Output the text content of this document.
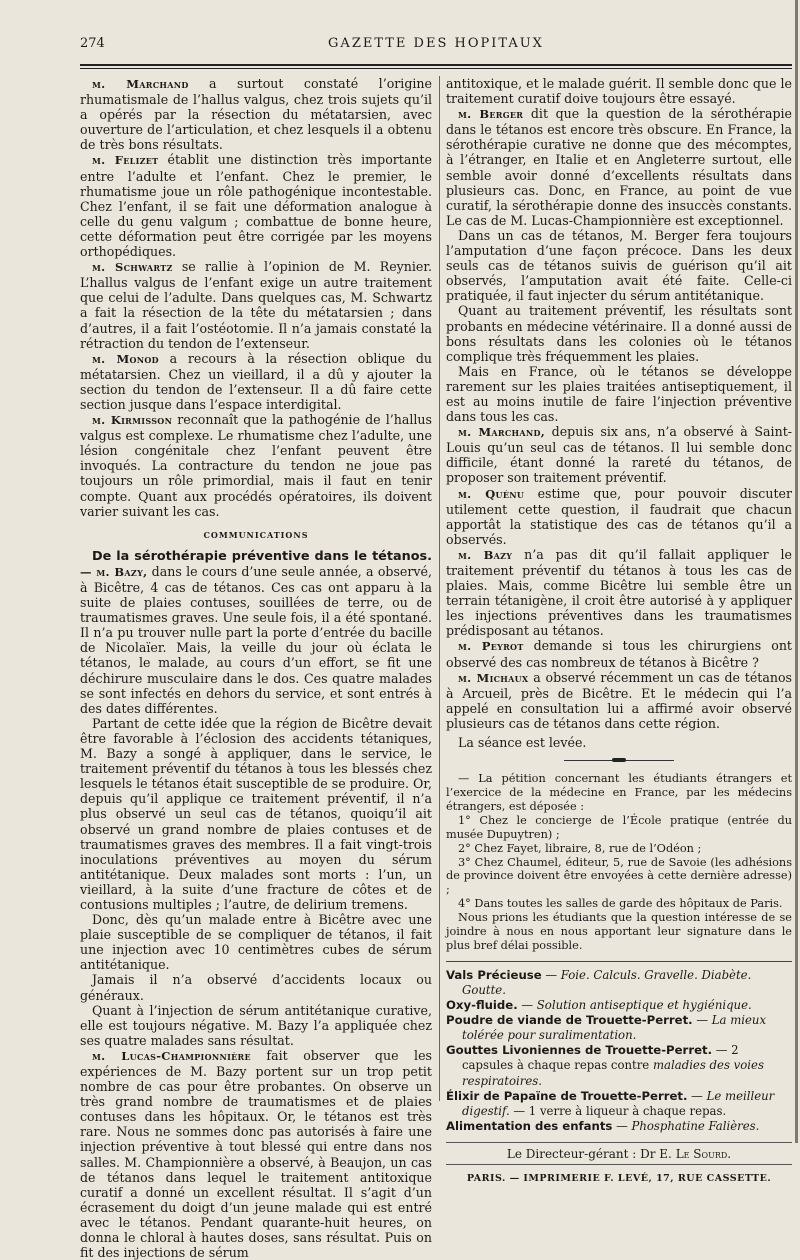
274	GAZETTE DES HOPITAUX

m. Marchand a surtout constaté l’origine rhumatismale de l’hallus valgus, chez trois sujets qu’il a opérés par la résection du métatarsien, avec ouverture de l’articulation, et chez lesquels il a obtenu de très bons résultats.

m. Felizet établit une distinction très importante entre l’adulte et l’enfant. Chez le premier, le rhumatisme joue un rôle pathogénique incontestable. Chez l’enfant, il se fait une déformation analogue à celle du genu valgum ; combattue de bonne heure, cette déformation peut être corrigée par les moyens orthopédiques.

m. Schwartz se rallie à l’opinion de M. Reynier. L’hallus valgus de l’enfant exige un autre traitement que celui de l’adulte. Dans quelques cas, M. Schwartz a fait la résection de la tête du métatarsien ; dans d’autres, il a fait l’ostéotomie. Il n’a jamais constaté la rétraction du tendon de l’extenseur.

m. Monod a recours à la résection oblique du métatarsien. Chez un vieillard, il a dû y ajouter la section du tendon de l’extenseur. Il a dû faire cette section jusque dans l’espace interdigital.

m. Kirmisson reconnaît que la pathogénie de l’hallus valgus est complexe. Le rhumatisme chez l’adulte, une lésion congénitale chez l’enfant peuvent être invoqués. La contracture du tendon ne joue pas toujours un rôle primordial, mais il faut en tenir compte. Quant aux procédés opératoires, ils doivent varier suivant les cas.

communications

De la sérothérapie préventive dans le tétanos.— m. Bazy, dans le cours d’une seule année, a observé, à Bicêtre, 4 cas de tétanos. Ces cas ont apparu à la suite de plaies contuses, souillées de terre, ou de traumatismes graves. Une seule fois, il a été spontané. Il n’a pu trouver nulle part la porte d’entrée du bacille de Nicolaïer. Mais, la veille du jour où éclata le tétanos, le malade, au cours d’un effort, se fit une déchirure musculaire dans le dos. Ces quatre malades se sont infectés en dehors du service, et sont entrés à des dates différentes.

Partant de cette idée que la région de Bicêtre devait être favorable à l’éclosion des accidents tétaniques, M. Bazy a songé à appliquer, dans le service, le traitement préventif du tétanos à tous les blessés chez lesquels le tétanos était susceptible de se produire. Or, depuis qu’il applique ce traitement préventif, il n’a plus observé un seul cas de tétanos, quoiqu’il ait observé un grand nombre de plaies contuses et de traumatismes graves des membres. Il a fait vingt-trois inoculations préventives au moyen du sérum antitétanique. Deux malades sont morts : l’un, un vieillard, à la suite d’une fracture de côtes et de contusions multiples ; l’autre, de delirium tremens.

Donc, dès qu’un malade entre à Bicêtre avec une plaie susceptible de se compliquer de tétanos, il fait une injection avec 10 centimètres cubes de sérum antitétanique.

Jamais il n’a observé d’accidents locaux ou généraux.

Quant à l’injection de sérum antitétanique curative, elle est toujours négative. M. Bazy l’a appliquée chez ses quatre malades sans résultat.

m. Lucas-Championnière fait observer que les expériences de M. Bazy portent sur un trop petit nombre de cas pour être probantes. On observe un très grand nombre de traumatismes et de plaies contuses dans les hôpitaux. Or, le tétanos est très rare. Nous ne sommes donc pas autorisés à faire une injection préventive à tout blessé qui entre dans nos salles. M. Championnière a observé, à Beaujon, un cas de tétanos dans lequel le traitement antitoxique curatif a donné un excellent résultat. Il s’agit d’un écrasement du doigt d’un jeune malade qui est entré avec le tétanos. Pendant quarante-huit heures, on donna le chloral à hautes doses, sans résultat. Puis on fit des injections de sérum

antitoxique, et le malade guérit. Il semble donc que le traitement curatif doive toujours être essayé.

m. Berger dit que la question de la sérothérapie dans le tétanos est encore très obscure. En France, la sérothérapie curative ne donne que des mécomptes, à l’étranger, en Italie et en Angleterre surtout, elle semble avoir donné d’excellents résultats dans plusieurs cas. Donc, en France, au point de vue curatif, la sérothérapie donne des insuccès constants. Le cas de M. Lucas-Championnière est exceptionnel.

Dans un cas de tétanos, M. Berger fera toujours l’amputation d’une façon précoce. Dans les deux seuls cas de tétanos suivis de guérison qu’il ait observés, l’amputation avait été faite. Celle-ci pratiquée, il faut injecter du sérum antitétanique.

Quant au traitement préventif, les résultats sont probants en médecine vétérinaire. Il a donné aussi de bons résultats dans les colonies où le tétanos complique très fréquemment les plaies.

Mais en France, où le tétanos se développe rarement sur les plaies traitées antiseptiquement, il est au moins inutile de faire l’injection préventive dans tous les cas.

m. Marchand, depuis six ans, n’a observé à Saint-Louis qu’un seul cas de tétanos. Il lui semble donc difficile, étant donné la rareté du tétanos, de proposer son traitement préventif.

m. Quénu estime que, pour pouvoir discuter utilement cette question, il faudrait que chacun apportât la statistique des cas de tétanos qu’il a observés.

m. Bazy n’a pas dit qu’il fallait appliquer le traitement préventif du tétanos à tous les cas de plaies. Mais, comme Bicêtre lui semble être un terrain tétanigène, il croit être autorisé à y appliquer les injections préventives dans les traumatismes prédisposant au tétanos.

m. Peyrot demande si tous les chirurgiens ont observé des cas nombreux de tétanos à Bicêtre ?

m. Michaux a observé récemment un cas de tétanos à Arcueil, près de Bicêtre. Et le médecin qui l’a appelé en consultation lui a affirmé avoir observé plusieurs cas de tétanos dans cette région.

La séance est levée.

— La pétition concernant les étudiants étrangers et l’exercice de la médecine en France, par les médecins étrangers, est déposée :

1° Chez le concierge de l’École pratique (entrée du musée Dupuytren) ;

2° Chez Fayet, libraire, 8, rue de l’Odéon ;

3° Chez Chaumel, éditeur, 5, rue de Savoie (les adhésions de province doivent être envoyées à cette dernière adresse) ;

4° Dans toutes les salles de garde des hôpitaux de Paris.

Nous prions les étudiants que la question intéresse de se joindre à nous en nous apportant leur signature dans le plus bref délai possible.

Vals Précieuse — Foie. Calculs. Gravelle. Diabète. Goutte.

Oxy-fluide. — Solution antiseptique et hygiénique.

Poudre de viande de Trouette-Perret. — La mieux tolérée pour suralimentation.

Gouttes Livoniennes de Trouette-Perret. — 2 capsules à chaque repas contre maladies des voies respiratoires.

Élixir de Papaïne de Trouette-Perret. — Le meilleur digestif. — 1 verre à liqueur à chaque repas.

Alimentation des enfants — Phosphatine Falières.

Le Directeur-gérant : Dr E. Le Sourd.
PARIS. — IMPRIMERIE F. LEVÉ, 17, RUE CASSETTE.
